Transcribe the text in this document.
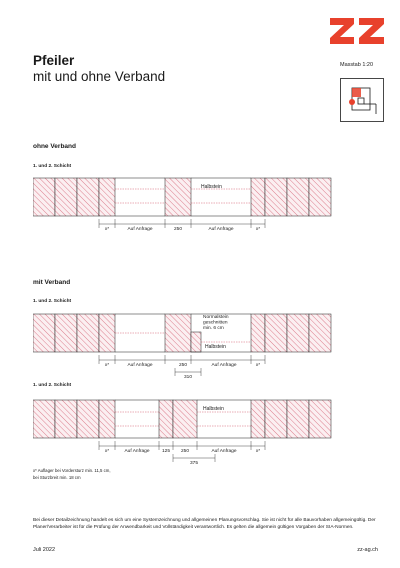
Pfeiler
mit und ohne Verband
Masstab 1:20
ohne Verband
1. und 2. Schicht
Halbstein
x*	Auf Anfrage	250	Auf Anfrage	x*
mit Verband
1. und 2. Schicht
Normalstein geschnitten min. 6 cm
Halbstein
x*	Auf Anfrage	250	Auf Anfrage	x*
310
1. und 2. Schicht
Halbstein
x*	Auf Anfrage	125 250	Auf Anfrage	x*
375
x* Auflager bei Vordersturz min. 11,5 cm,
bei Sturzbreit min. 18 cm
Bei dieser Detailzeichnung handelt es sich um eine Systemzeichnung und allgemeinen Planungsvorschlag. Sie ist nicht für alle Bauvorhaben allgemeingültig. Der Planer/Verarbeiter ist für die Prüfung der Anwendbarkeit und Vollständigkeit verantwortlich. Es gelten die allgemein gültigen Vorgaben der SIA-Normen.
Juli 2022	zz-ag.ch
